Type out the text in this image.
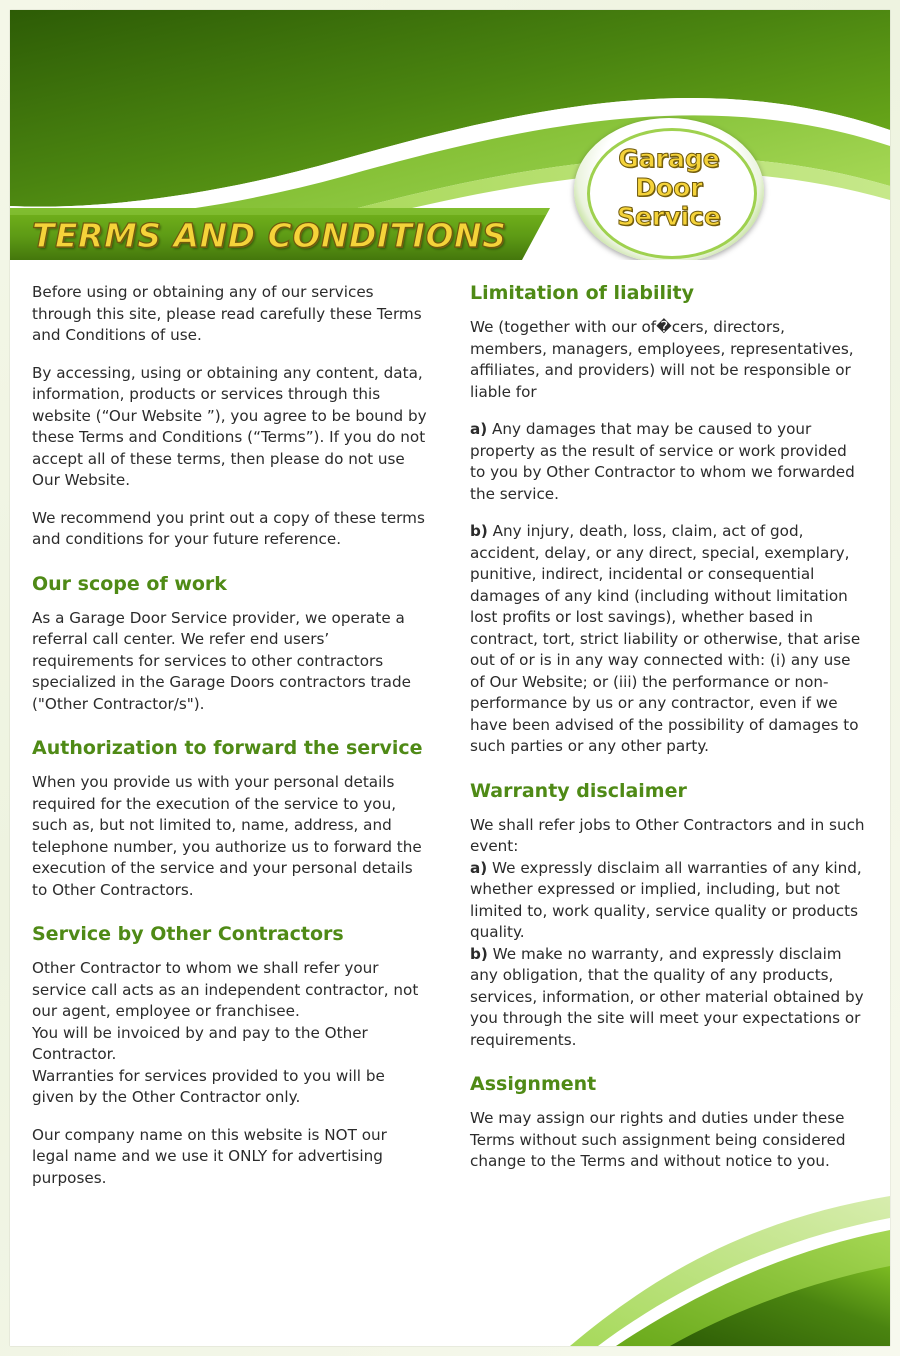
TERMS AND CONDITIONS
Garage
Door
Service

Before using or obtaining any of our services through this site, please read carefully these Terms and Conditions of use.

By accessing, using or obtaining any content, data, information, products or services through this website (“Our Website ”), you agree to be bound by these Terms and Conditions (“Terms”). If you do not accept all of these terms, then please do not use Our Website.

We recommend you print out a copy of these terms and conditions for your future reference.

Our scope of work

As a Garage Door Service provider, we operate a referral call center. We refer end users’ requirements for services to other contractors specialized in the Garage Doors contractors trade ("Other Contractor/s").

Authorization to forward the service

When you provide us with your personal details required for the execution of the service to you, such as, but not limited to, name, address, and telephone number, you authorize us to forward the execution of the service and your personal details to Other Contractors.

Service by Other Contractors

Other Contractor to whom we shall refer your service call acts as an independent contractor, not our agent, employee or franchisee.

You will be invoiced by and pay to the Other Contractor.

Warranties for services provided to you will be given by the Other Contractor only.

Our company name on this website is NOT our legal name and we use it ONLY for advertising purposes.

Limitation of liability

We (together with our of�cers, directors, members, managers, employees, representatives, affiliates, and providers) will not be responsible or liable for

a) Any damages that may be caused to your property as the result of service or work provided to you by Other Contractor to whom we forwarded the service.

b) Any injury, death, loss, claim, act of god, accident, delay, or any direct, special, exemplary, punitive, indirect, incidental or consequential damages of any kind (including without limitation lost profits or lost savings), whether based in contract, tort, strict liability or otherwise, that arise out of or is in any way connected with: (i) any use of Our Website; or (iii) the performance or non-performance by us or any contractor, even if we have been advised of the possibility of damages to such parties or any other party.

Warranty disclaimer

We shall refer jobs to Other Contractors and in such event:

a) We expressly disclaim all warranties of any kind, whether expressed or implied, including, but not limited to, work quality, service quality or products quality.

b) We make no warranty, and expressly disclaim any obligation, that the quality of any products, services, information, or other material obtained by you through the site will meet your expectations or requirements.

Assignment

We may assign our rights and duties under these Terms without such assignment being considered change to the Terms and without notice to you.
